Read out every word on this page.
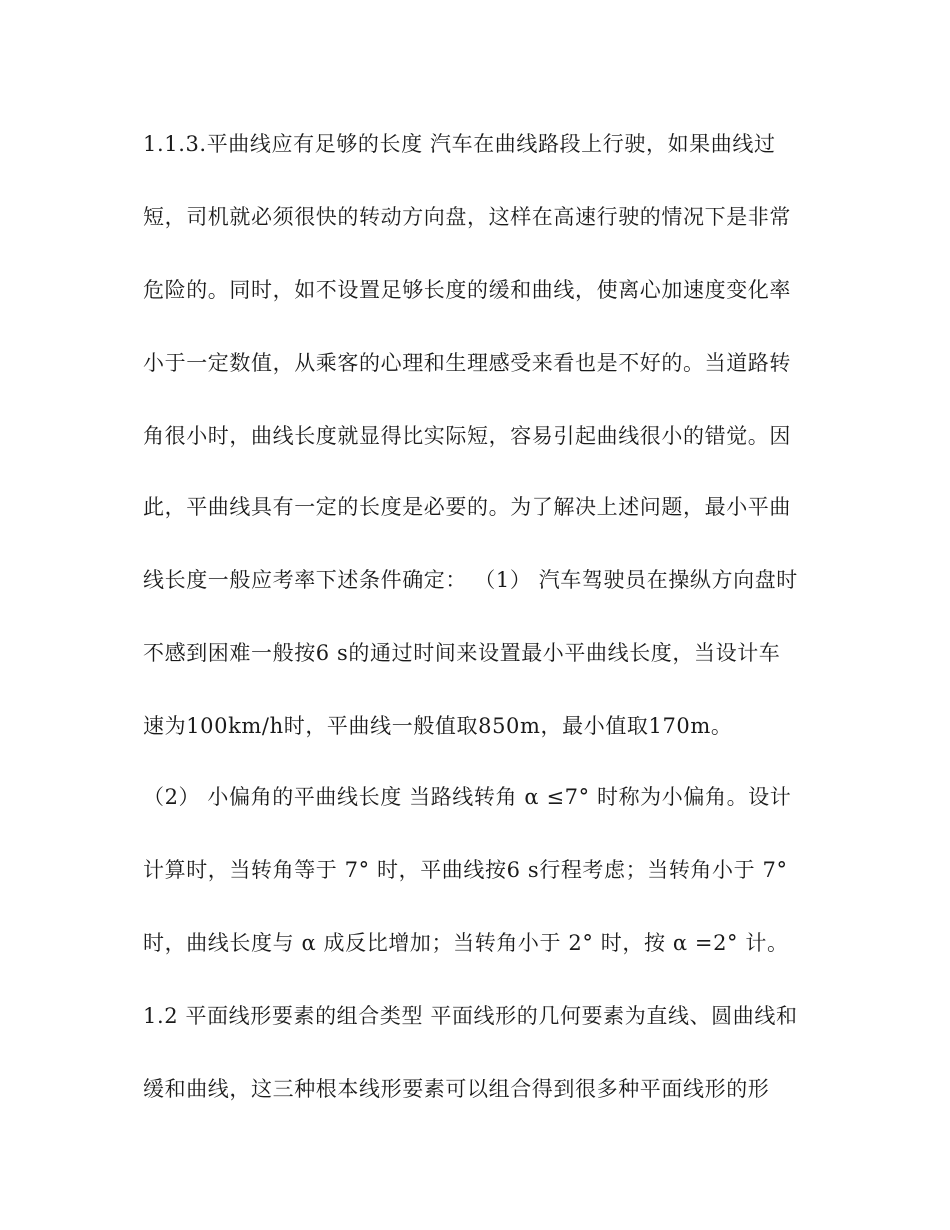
1.1.3.平曲线应有足够的长度 汽车在曲线路段上行驶，如果曲线过
短，司机就必须很快的转动方向盘，这样在高速行驶的情况下是非常
危险的。同时，如不设置足够长度的缓和曲线，使离心加速度变化率
小于一定数值，从乘客的心理和生理感受来看也是不好的。当道路转
角很小时，曲线长度就显得比实际短，容易引起曲线很小的错觉。因
此，平曲线具有一定的长度是必要的。为了解决上述问题，最小平曲
线长度一般应考率下述条件确定： （1） 汽车驾驶员在操纵方向盘时
不感到困难一般按6 s的通过时间来设置最小平曲线长度，当设计车
速为100km/h时，平曲线一般值取850m，最小值取170m。
（2） 小偏角的平曲线长度 当路线转角 α ≤7° 时称为小偏角。设计
计算时，当转角等于 7° 时，平曲线按6 s行程考虑；当转角小于 7°
时，曲线长度与 α 成反比增加；当转角小于 2° 时，按 α =2° 计。
1.2 平面线形要素的组合类型 平面线形的几何要素为直线、圆曲线和
缓和曲线，这三种根本线形要素可以组合得到很多种平面线形的形
